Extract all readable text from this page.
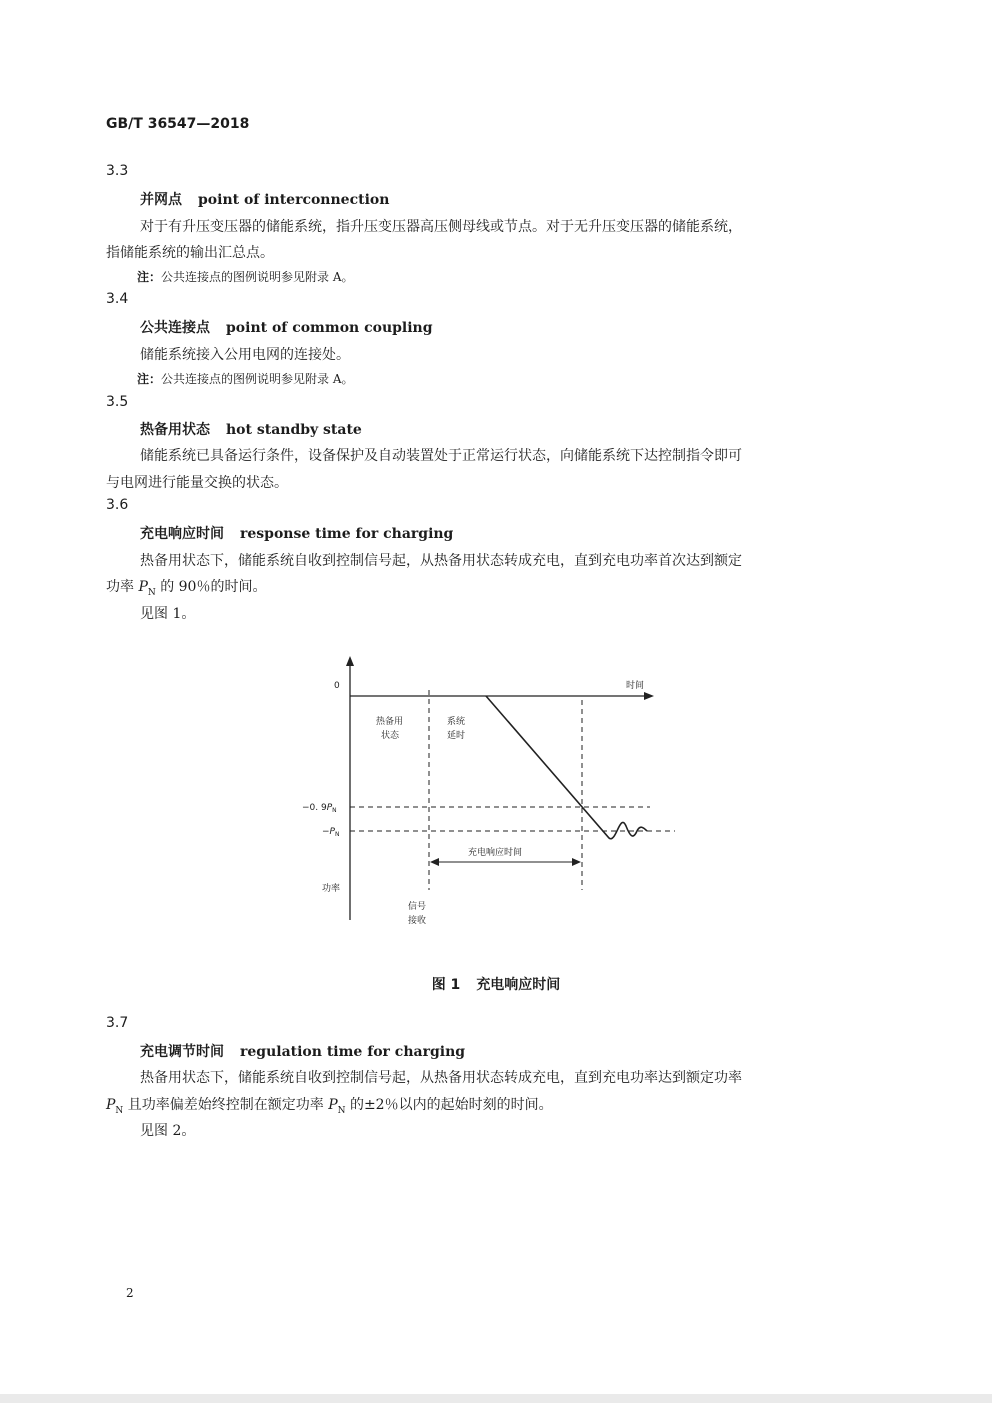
GB/T 36547—2018
3.3
并网点 point of interconnection
对于有升压变压器的储能系统，指升压变压器高压侧母线或节点。对于无升压变压器的储能系统，
指储能系统的输出汇总点。
注：公共连接点的图例说明参见附录 A。
3.4
公共连接点 point of common coupling
储能系统接入公用电网的连接处。
注：公共连接点的图例说明参见附录 A。
3.5
热备用状态 hot standby state
储能系统已具备运行条件，设备保护及自动装置处于正常运行状态，向储能系统下达控制指令即可
与电网进行能量交换的状态。
3.6
充电响应时间 response time for charging
热备用状态下，储能系统自收到控制信号起，从热备用状态转成充电，直到充电功率首次达到额定
功率 $P_N$ 的 90％的时间。
见图 1。
0	时间
热备用
状态
系统
延时
−0. $9P_N$
$-P_N$
充电响应时间
功率
信号
接收
图 1 充电响应时间
3.7
充电调节时间 regulation time for charging
热备用状态下，储能系统自收到控制信号起，从热备用状态转成充电，直到充电功率达到额定功率
$P_N$ 且功率偏差始终控制在额定功率 $P_N$ 的±2％以内的起始时刻的时间。
见图 2。
2
